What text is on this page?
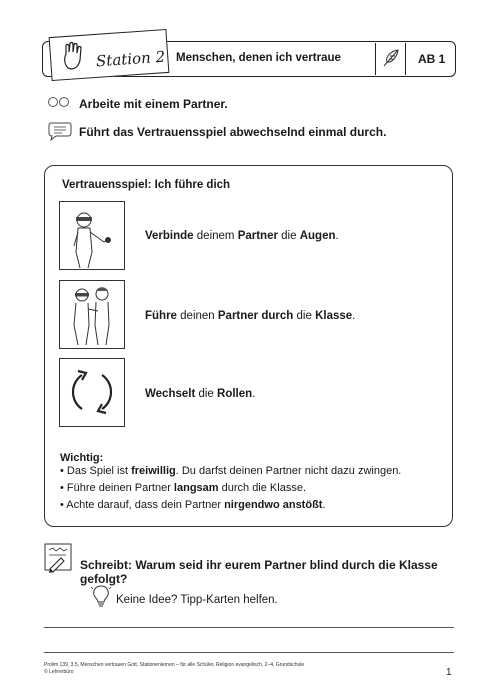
Station 2 Menschen, denen ich vertraue	AB 1
Arbeite mit einem Partner.
Führt das Vertrauensspiel abwechselnd einmal durch.
Vertrauensspiel: Ich führe dich
Verbinde deinem Partner die Augen.
Führe deinen Partner durch die Klasse.
Wechselt die Rollen.
Wichtig:
• Das Spiel ist freiwillig. Du darfst deinen Partner nicht dazu zwingen.
• Führe deinen Partner langsam durch die Klasse.
• Achte darauf, dass dein Partner nirgendwo anstößt.
Schreibt: Warum seid ihr eurem Partner blind durch die Klasse gefolgt?
Keine Idee? Tipp-Karten helfen.
Prolim 139, 3.5, Menschen vertrauen Gott, Stationenlernen – für alle Schüler, Religion evangelisch, 2–4, Grundschule
© Lehrerbüro	1
